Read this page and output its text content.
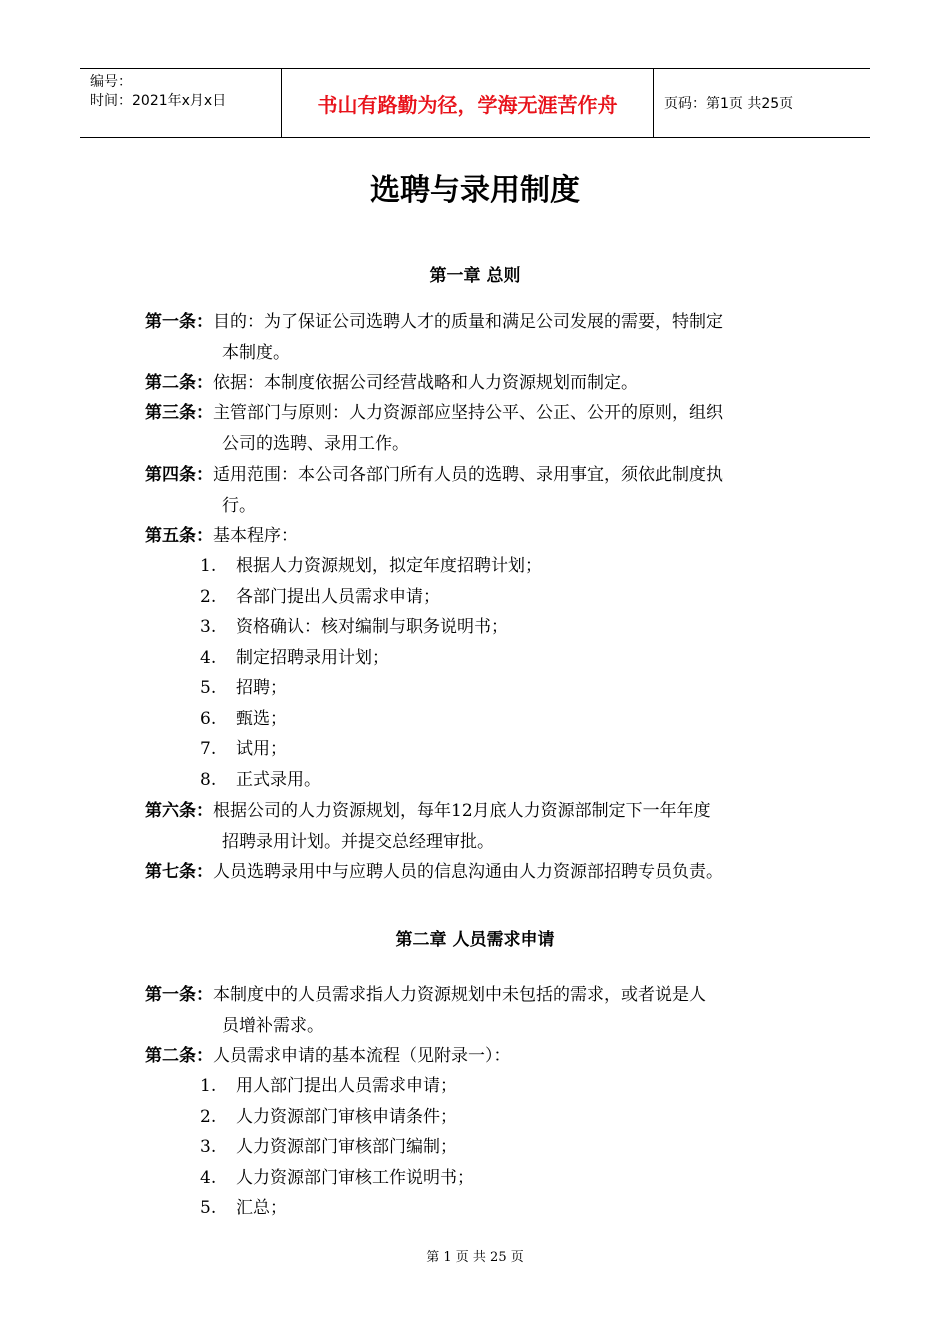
编号：
时间：2021年x月x日	书山有路勤为径，学海无涯苦作舟	页码：第1页 共25页
选聘与录用制度
第一章 总则
第一条：目的：为了保证公司选聘人才的质量和满足公司发展的需要，特制定
本制度。
第二条：依据：本制度依据公司经营战略和人力资源规划而制定。
第三条：主管部门与原则：人力资源部应坚持公平、公正、公开的原则，组织
公司的选聘、录用工作。
第四条：适用范围：本公司各部门所有人员的选聘、录用事宜，须依此制度执
行。
第五条：基本程序：
1. 根据人力资源规划，拟定年度招聘计划；
2. 各部门提出人员需求申请；
3. 资格确认：核对编制与职务说明书；
4. 制定招聘录用计划；
5. 招聘；
6. 甄选；
7. 试用；
8. 正式录用。
第六条：根据公司的人力资源规划，每年12月底人力资源部制定下一年年度
招聘录用计划。并提交总经理审批。
第七条：人员选聘录用中与应聘人员的信息沟通由人力资源部招聘专员负责。
第二章 人员需求申请
第一条：本制度中的人员需求指人力资源规划中未包括的需求，或者说是人
员增补需求。
第二条：人员需求申请的基本流程（见附录一）：
1. 用人部门提出人员需求申请；
2. 人力资源部门审核申请条件；
3. 人力资源部门审核部门编制；
4. 人力资源部门审核工作说明书；
5. 汇总；
第 1 页 共 25 页
